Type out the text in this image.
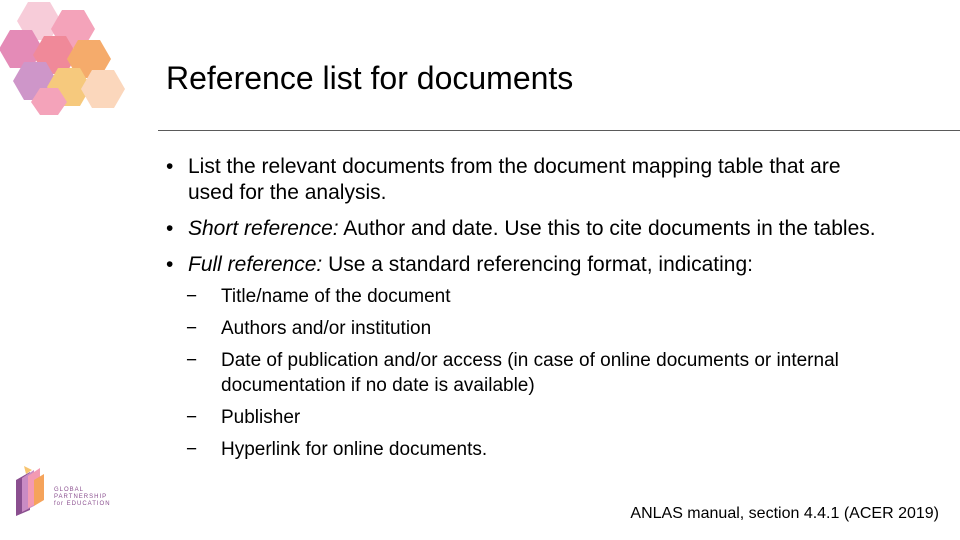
Reference list for documents
• List the relevant documents from the document mapping table that are used for the analysis.
• Short reference: Author and date. Use this to cite documents in the tables.
• Full reference: Use a standard referencing format, indicating:
− Title/name of the document
− Authors and/or institution
− Date of publication and/or access (in case of online documents or internal documentation if no date is available)
− Publisher
− Hyperlink for online documents.
GLOBAL
PARTNERSHIP
for EDUCATION
ANLAS manual, section 4.4.1 (ACER 2019)
